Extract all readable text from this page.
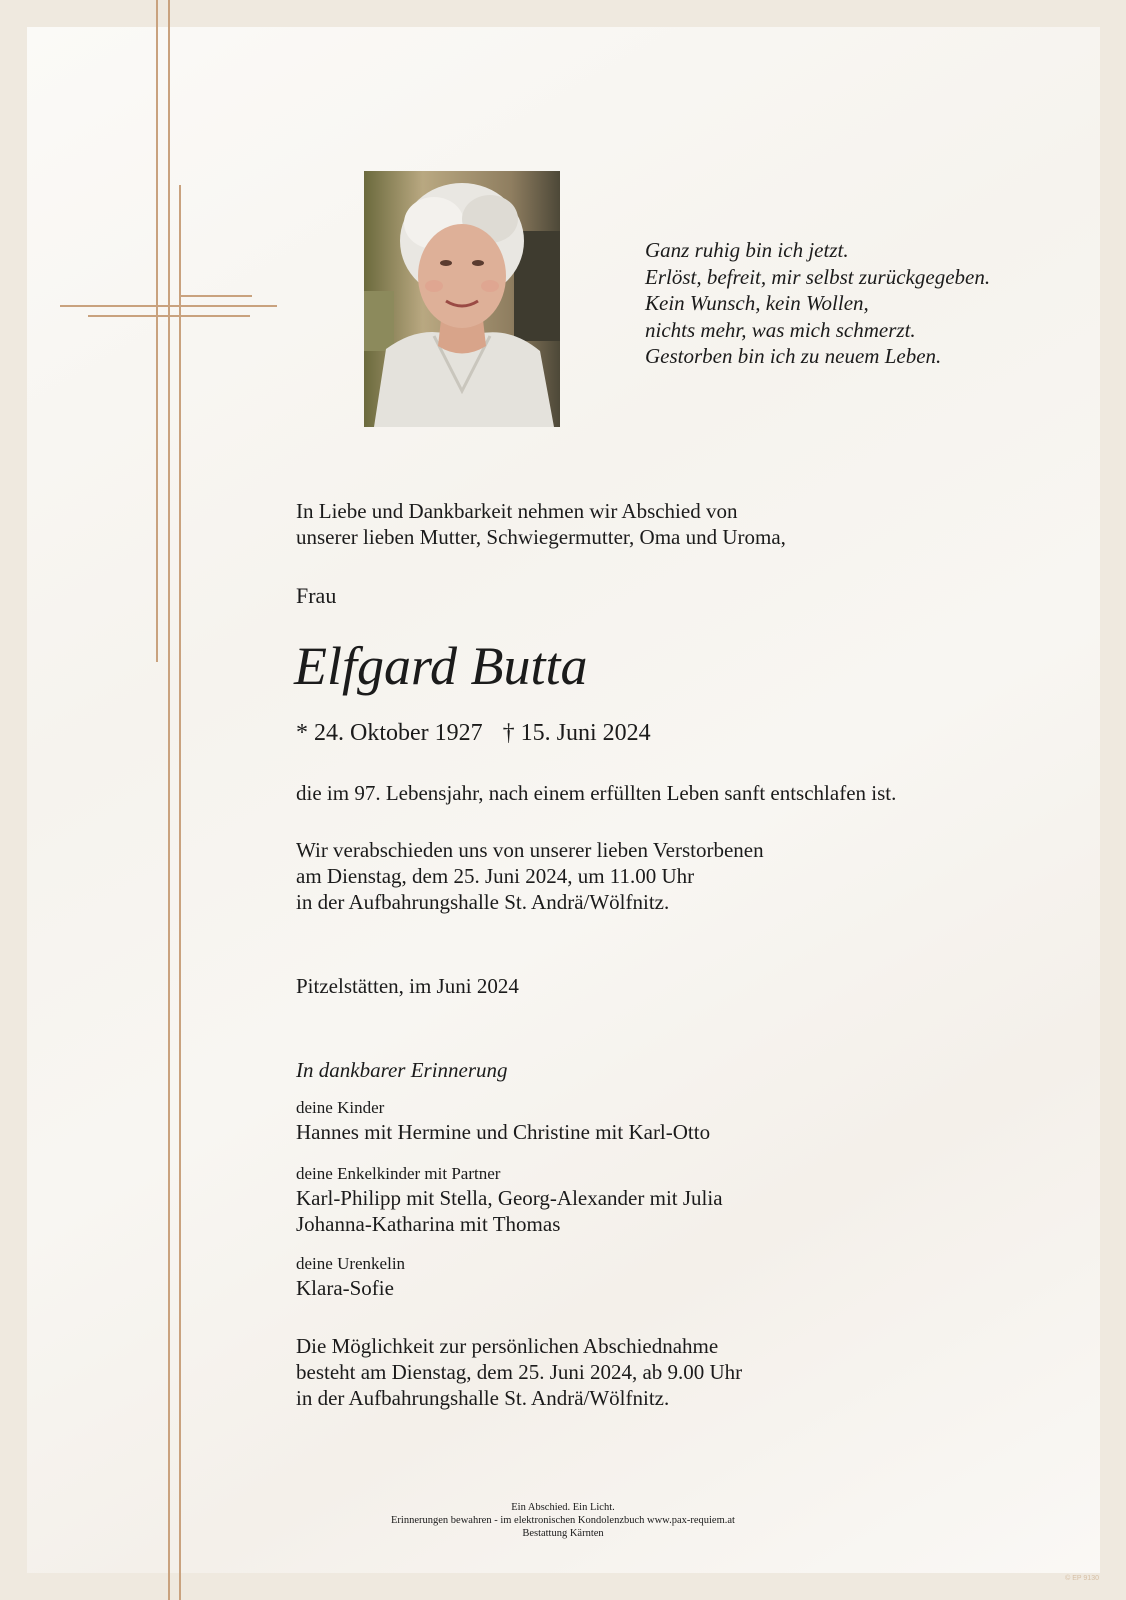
Ganz ruhig bin ich jetzt.
Erlöst, befreit, mir selbst zurückgegeben.
Kein Wunsch, kein Wollen,
nichts mehr, was mich schmerzt.
Gestorben bin ich zu neuem Leben.
In Liebe und Dankbarkeit nehmen wir Abschied von
unserer lieben Mutter, Schwiegermutter, Oma und Uroma,
Frau
Elfgard Butta
* 24. Oktober 1927 † 15. Juni 2024
die im 97. Lebensjahr, nach einem erfüllten Leben sanft entschlafen ist.
Wir verabschieden uns von unserer lieben Verstorbenen
am Dienstag, dem 25. Juni 2024, um 11.00 Uhr
in der Aufbahrungshalle St. Andrä/Wölfnitz.
Pitzelstätten, im Juni 2024
In dankbarer Erinnerung
deine Kinder
Hannes mit Hermine und Christine mit Karl-Otto
deine Enkelkinder mit Partner
Karl-Philipp mit Stella, Georg-Alexander mit Julia
Johanna-Katharina mit Thomas
deine Urenkelin
Klara-Sofie
Die Möglichkeit zur persönlichen Abschiednahme
besteht am Dienstag, dem 25. Juni 2024, ab 9.00 Uhr
in der Aufbahrungshalle St. Andrä/Wölfnitz.
Ein Abschied. Ein Licht.
Erinnerungen bewahren - im elektronischen Kondolenzbuch www.pax-requiem.at
Bestattung Kärnten
© EP 9130
